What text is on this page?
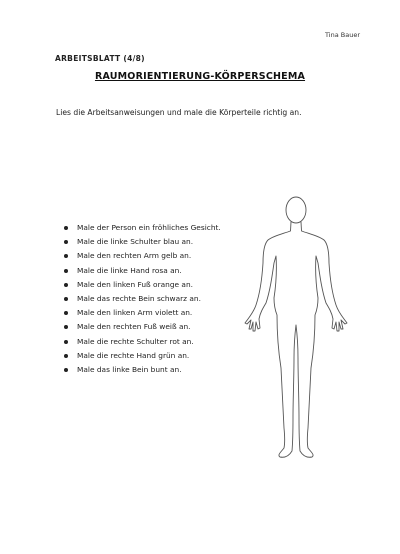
Tina Bauer
ARBEITSBLATT (4/8)
RAUMORIENTIERUNG-KÖRPERSCHEMA
Lies die Arbeitsanweisungen und male die Körperteile richtig an.
Male der Person ein fröhliches Gesicht.
Male die linke Schulter blau an.
Male den rechten Arm gelb an.
Male die linke Hand rosa an.
Male den linken Fuß orange an.
Male das rechte Bein schwarz an.
Male den linken Arm violett an.
Male den rechten Fuß weiß an.
Male die rechte Schulter rot an.
Male die rechte Hand grün an.
Male das linke Bein bunt an.
